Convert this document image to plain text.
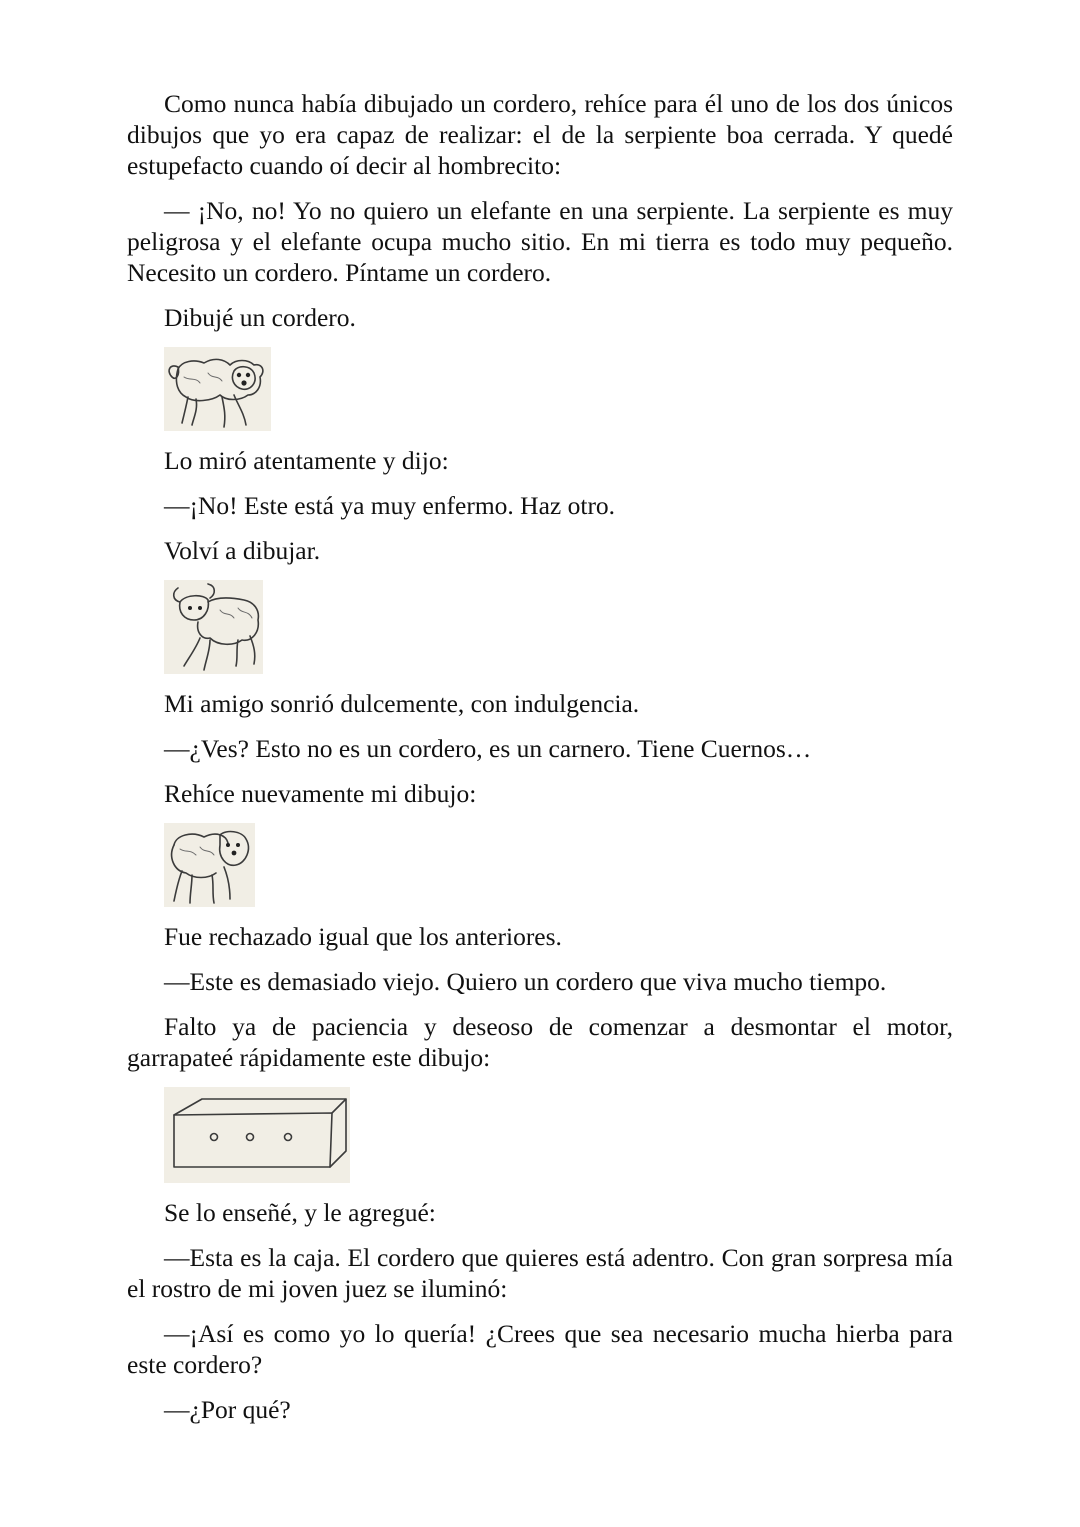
Como nunca había dibujado un cordero, rehíce para él uno de los dos únicos dibujos que yo era capaz de realizar: el de la serpiente boa cerrada. Y quedé estupefacto cuando oí decir al hombrecito:

— ¡No, no! Yo no quiero un elefante en una serpiente. La serpiente es muy peligrosa y el elefante ocupa mucho sitio. En mi tierra es todo muy pequeño. Necesito un cordero. Píntame un cordero.

Dibujé un cordero.

Lo miró atentamente y dijo:

—¡No! Este está ya muy enfermo. Haz otro.

Volví a dibujar.

Mi amigo sonrió dulcemente, con indulgencia.

—¿Ves? Esto no es un cordero, es un carnero. Tiene Cuernos…

Rehíce nuevamente mi dibujo:

Fue rechazado igual que los anteriores.

—Este es demasiado viejo. Quiero un cordero que viva mucho tiempo.

Falto ya de paciencia y deseoso de comenzar a desmontar el motor, garrapateé rápidamente este dibujo:

Se lo enseñé, y le agregué:

—Esta es la caja. El cordero que quieres está adentro. Con gran sorpresa mía el rostro de mi joven juez se iluminó:

—¡Así es como yo lo quería! ¿Crees que sea necesario mucha hierba para este cordero?

—¿Por qué?
